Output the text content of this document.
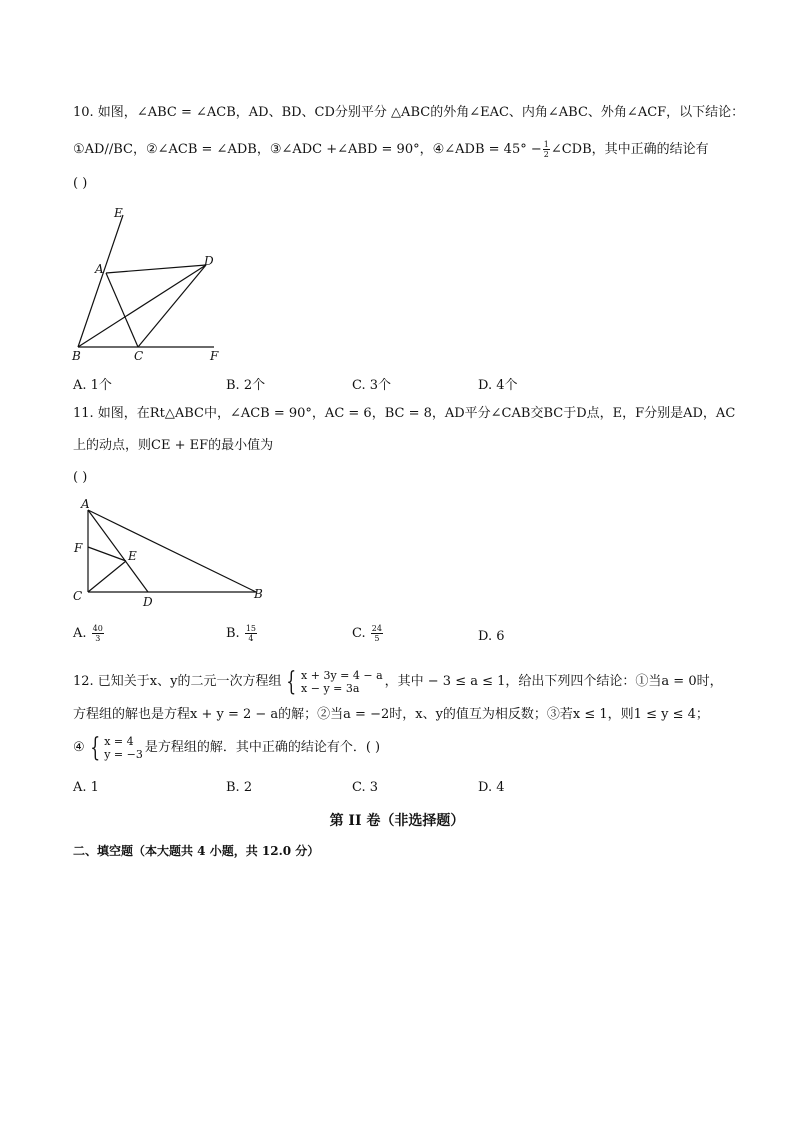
10. 如图，∠ABC = ∠ACB，AD、BD、CD分别平分 △ABC的外角∠EAC、内角∠ABC、外角∠ACF，以下结论：
①AD//BC，②∠ACB = ∠ADB，③∠ADC +∠ABD = 90°，④∠ADB = $45^\circ - \frac{1}{2}$ ∠CDB，其中正确的结论有
( )
E
A
D
B	C	F
A. 1个	B. 2个	C. 3个	D. 4个
11. 如图，在Rt△ABC中，∠ACB = 90°，AC = 6，BC = 8，AD平分∠CAB交BC于D点，E，F分别是AD，AC
上的动点，则CE + EF的最小值为
( )
A
F
E
C	D
B
A. $\frac{40}{3}$	B. $\frac{15}{4}$	C. $\frac{24}{5}$	D. 6
12. 已知关于x、y的二元一次方程组 { x + 3y = 4 − a
x − y = 3a	，其中 − 3 ≤ a ≤ 1，给出下列四个结论：①当a = 0时，
方程组的解也是方程x + y = 2 − a的解；②当a = −2时，x、y的值互为相反数；③若x ≤ 1，则1 ≤ y ≤ 4；
④ { x = 4
y = −3 是方程组的解．其中正确的结论有个．( )
A. 1	B. 2	C. 3	D. 4
第 II 卷（非选择题）
二、填空题（本大题共 4 小题，共 12.0 分）
